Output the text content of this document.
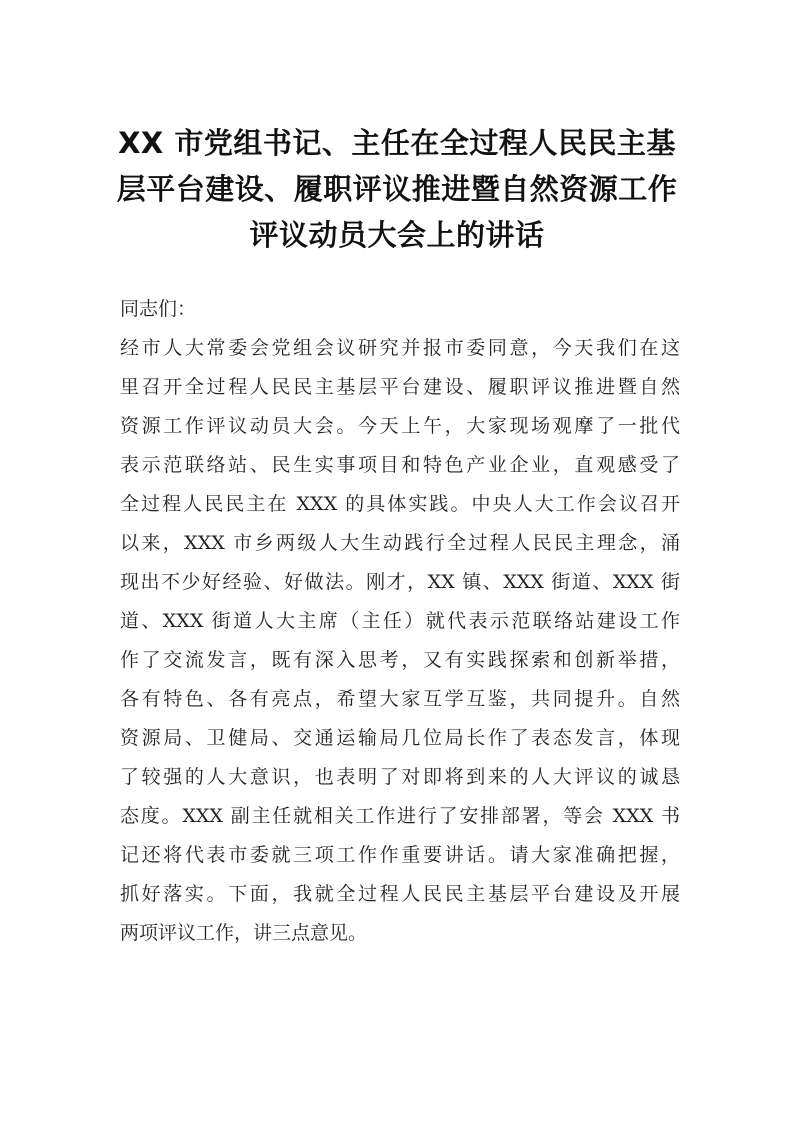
XX 市党组书记、主任在全过程人民民主基
层平台建设、履职评议推进暨自然资源工作
评议动员大会上的讲话

同志们：

经市人大常委会党组会议研究并报市委同意，今天我们在这

里召开全过程人民民主基层平台建设、履职评议推进暨自然

资源工作评议动员大会。今天上午，大家现场观摩了一批代

表示范联络站、民生实事项目和特色产业企业，直观感受了

全过程人民民主在 XXX 的具体实践。中央人大工作会议召开

以来，XXX 市乡两级人大生动践行全过程人民民主理念，涌

现出不少好经验、好做法。刚才，XX 镇、XXX 街道、XXX 街

道、XXX 街道人大主席（主任）就代表示范联络站建设工作

作了交流发言，既有深入思考，又有实践探索和创新举措，

各有特色、各有亮点，希望大家互学互鉴，共同提升。自然

资源局、卫健局、交通运输局几位局长作了表态发言，体现

了较强的人大意识，也表明了对即将到来的人大评议的诚恳

态度。XXX 副主任就相关工作进行了安排部署，等会 XXX 书

记还将代表市委就三项工作作重要讲话。请大家准确把握，

抓好落实。下面，我就全过程人民民主基层平台建设及开展

两项评议工作，讲三点意见。
